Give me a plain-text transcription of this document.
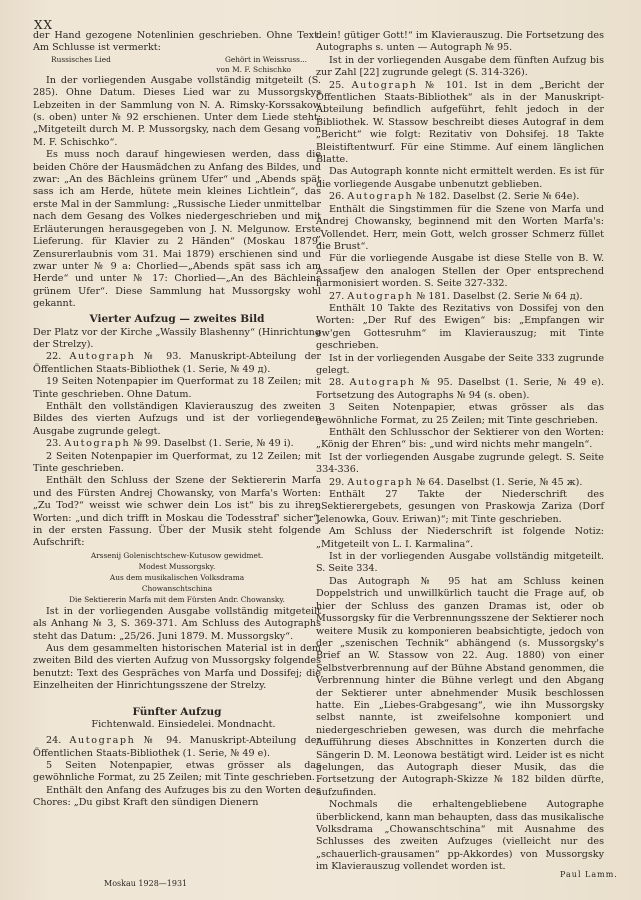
XX

der Hand gezogene Notenlinien geschrieben. Ohne Text. Am Schlusse ist vermerkt:

Russisches Lied	Gehört in Weissruss...
von M. F. Schischko

In der vorliegenden Ausgabe vollständig mitgeteilt (S. 285). Ohne Datum. Dieses Lied war zu Mussorgskys Lebzeiten in der Sammlung von N. A. Rimsky-Korssakow (s. oben) unter № 92 erschienen. Unter dem Liede steht: „Mitgeteilt durch M. P. Mussorgsky, nach dem Gesang von M. F. Schischko“.

Es muss noch darauf hingewiesen werden, dass die beiden Chöre der Hausmädchen zu Anfang des Bildes, und zwar: „An des Bächleins grünem Ufer“ und „Abends spät sass ich am Herde, hütete mein kleines Lichtlein“, das erste Mal in der Sammlung: „Russische Lieder unmittelbar nach dem Gesang des Volkes niedergeschrieben und mit Erläuterungen herausgegeben von J. N. Melgunow. Erste Lieferung. für Klavier zu 2 Händen“ (Moskau 1879, Zensurerlaubnis vom 31. Mai 1879) erschienen sind und zwar unter № 9 a: Chorlied—„Abends spät sass ich am Herde“ und unter № 17: Chorlied—„An des Bächleins grünem Ufer“. Diese Sammlung hat Mussorgsky wohl gekannt.

Vierter Aufzug — zweites Bild

Der Platz vor der Kirche „Wassily Blashenny“ (Hinrichtung der Strelzy).

22. Autograph № 93. Manuskript-Abteilung der Öffentlichen Staats-Bibliothek (1. Serie, № 49 д).

19 Seiten Notenpapier im Querformat zu 18 Zeilen; mit Tinte geschrieben. Ohne Datum.

Enthält den vollständigen Klavierauszug des zweiten Bildes des vierten Aufzugs und ist der vorliegenden Ausgabe zugrunde gelegt.

23. Autograph № 99. Daselbst (1. Serie, № 49 i).

2 Seiten Notenpapier im Querformat, zu 12 Zeilen; mit Tinte geschrieben.

Enthält den Schluss der Szene der Sektiererin Marfa und des Fürsten Andrej Chowansky, von Marfa's Worten: „Zu Tod?“ weisst wie schwer dein Los ist“ bis zu ihren Worten: „und dich trifft in Moskau die Todesstraf' sicher“, in der ersten Fassung. Über der Musik steht folgende Aufschrift:

Arssenij Golenischtschew-Kutusow gewidmet.
Modest Mussorgsky.
Aus dem musikalischen Volksdrama
Chowanschtschina
Die Sektiererin Marfa mit dem Fürsten Andr. Chowansky.

Ist in der vorliegenden Ausgabe vollständig mitgeteilt als Anhang № 3, S. 369-371. Am Schluss des Autographs steht das Datum: „25/26. Juni 1879. M. Mussorgsky“.

Aus dem gesammelten historischen Material ist in dem zweiten Bild des vierten Aufzug von Mussorgsky folgendes benutzt: Text des Gespräches von Marfa und Dossifej; die Einzelheiten der Hinrichtungsszene der Strelzy.

Fünfter Aufzug

Fichtenwald. Einsiedelei. Mondnacht.

24. Autograph № 94. Manuskript-Abteilung der Öffentlichen Staats-Bibliothek (1. Serie, № 49 e).

5 Seiten Notenpapier, etwas grösser als das gewöhnliche Format, zu 25 Zeilen; mit Tinte geschrieben.

Enthält den Anfang des Aufzuges bis zu den Worten des Chores: „Du gibst Kraft den sündigen Dienern

dein! gütiger Gott!“ im Klavierauszug. Die Fortsetzung des Autographs s. unten — Autograph № 95.

Ist in der vorliegenden Ausgabe dem fünften Aufzug bis zur Zahl [22] zugrunde gelegt (S. 314-326).

25. Autograph № 101. Ist in dem „Bericht der Öffentlichen Staats-Bibliothek“ als in der Manuskript-Abteilung befindlich aufgeführt, fehlt jedoch in der Bibliothek. W. Stassow beschreibt dieses Autograf in dem „Bericht“ wie folgt: Rezitativ von Dohsifej. 18 Takte Bleistiftentwurf. Für eine Stimme. Auf einem länglichen Blatte.

Das Autograph konnte nicht ermittelt werden. Es ist für die vorliegende Ausgabe unbenutzt geblieben.

26. Autograph № 182. Daselbst (2. Serie № 64e).

Enthält die Singstimmen für die Szene von Marfa und Andrej Chowansky, beginnend mit den Worten Marfa's: „Vollendet. Herr, mein Gott, welch grosser Schmerz füllet die Brust“.

Für die vorliegende Ausgabe ist diese Stelle von B. W. Assafjew den analogen Stellen der Oper entsprechend harmonisiert worden. S. Seite 327-332.

27. Autograph № 181. Daselbst (2. Serie № 64 д).

Enthält 10 Takte des Rezitativs von Dossifej von den Worten: „Der Ruf des Ewigen“ bis: „Empfangen wir ew'gen Gottesruhm“ im Klavierauszug; mit Tinte geschrieben.

Ist in der vorliegenden Ausgabe der Seite 333 zugrunde gelegt.

28. Autograph № 95. Daselbst (1. Serie, № 49 e). Fortsetzung des Autographs № 94 (s. oben).

3 Seiten Notenpapier, etwas grösser als das gewöhnliche Format, zu 25 Zeilen; mit Tinte geschrieben.

Enthält den Schlusschor der Sektierer von den Worten: „König der Ehren“ bis: „und wird nichts mehr mangeln“.

Ist der vorliegenden Ausgabe zugrunde gelegt. S. Seite 334-336.

29. Autograph № 64. Daselbst (1. Serie, № 45 ж).

Enthält 27 Takte der Niederschrift des „Sektierergebets, gesungen von Praskowja Zariza (Dorf Jelenowka, Gouv. Eriwan)“; mit Tinte geschrieben.

Am Schluss der Niederschrift ist folgende Notiz: „Mitgeteilt von L. I. Karmalina“.

Ist in der vorliegenden Ausgabe vollständig mitgeteilt. S. Seite 334.

Das Autograph № 95 hat am Schluss keinen Doppelstrich und unwillkürlich taucht die Frage auf, ob hier der Schluss des ganzen Dramas ist, oder ob Mussorgsky für die Verbrennungsszene der Sektierer noch weitere Musik zu komponieren beabsichtigte, jedoch von der „szenischen Technik“ abhängend (s. Mussorgsky's Brief an W. Stassow von 22. Aug. 1880) von einer Selbstverbrennung auf der Bühne Abstand genommen, die Verbrennung hinter die Bühne verlegt und den Abgang der Sektierer unter abnehmender Musik beschlossen hatte. Ein „Liebes-Grabgesang“, wie ihn Mussorgsky selbst nannte, ist zweifelsohne komponiert und niedergeschrieben gewesen, was durch die mehrfache Aufführung dieses Abschnittes in Konzerten durch die Sängerin D. M. Leonowa bestätigt wird. Leider ist es nicht gelungen, das Autograph dieser Musik, das die Fortsetzung der Autograph-Skizze № 182 bilden dürfte, aufzufinden.

Nochmals die erhaltengebliebene Autographe überblickend, kann man behaupten, dass das musikalische Volksdrama „Chowanschtschina“ mit Ausnahme des Schlusses des zweiten Aufzuges (vielleicht nur des „schauerlich-grausamen“ pp-Akkordes) von Mussorgsky im Klavierauszug vollendet worden ist.

Moskau 1928—1931
Paul Lamm.
